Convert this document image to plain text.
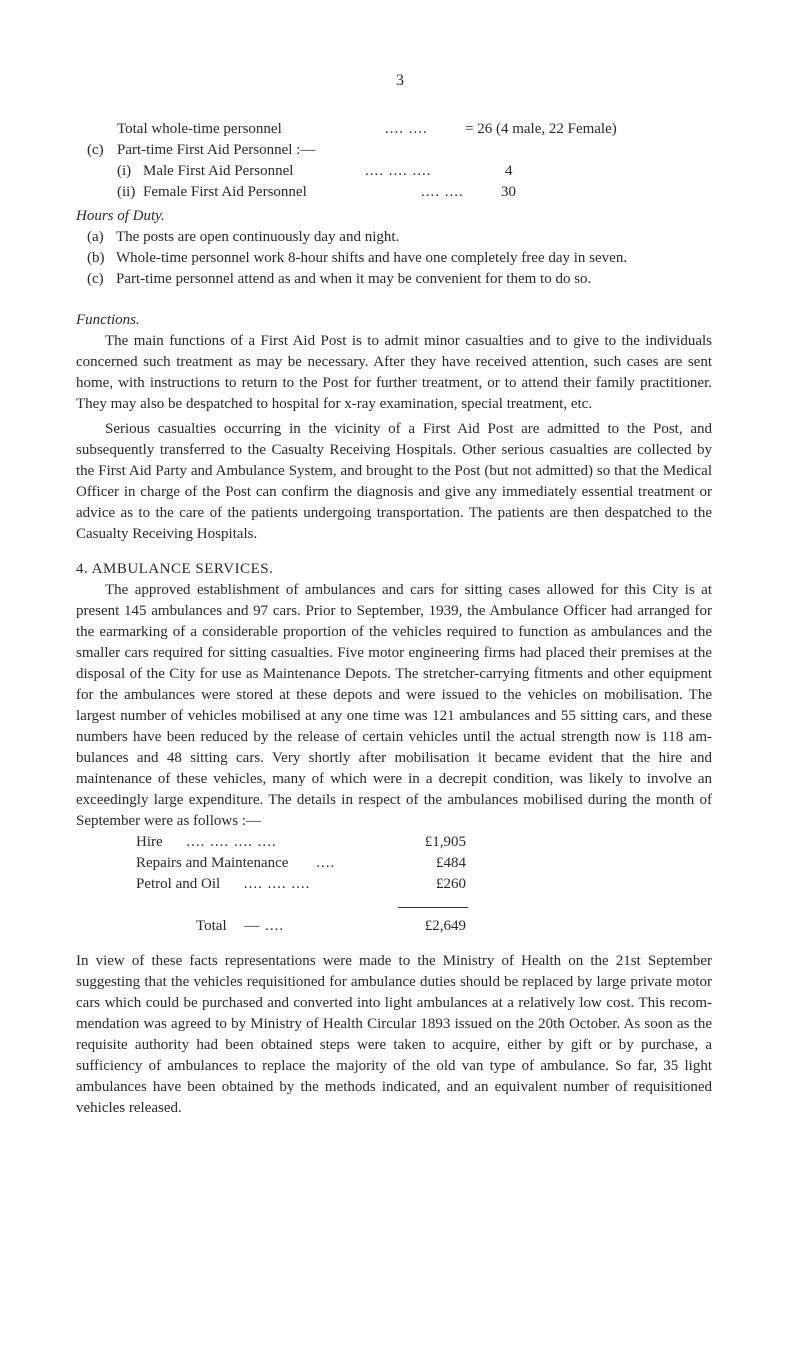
3
Total whole-time personnel	.... ....	= 26 (4 male, 22 Female)
(c) Part-time First Aid Personnel :—
(i) Male First Aid Personnel	.... .... ....	4
(ii) Female First Aid Personnel	.... ....	30
Hours of Duty.
(a) The posts are open continuously day and night.
(b) Whole-time personnel work 8-hour shifts and have one completely free day in seven.
(c) Part-time personnel attend as and when it may be convenient for them to do so.
Functions.

The main functions of a First Aid Post is to admit minor casualties and to give to the individuals concerned such treatment as may be necessary. After they have received attention, such cases are sent home, with instructions to return to the Post for further treatment, or to attend their family practitioner. They may also be despatched to hospital for x-ray examination, special treatment, etc.

Serious casualties occurring in the vicinity of a First Aid Post are admitted to the Post, and subsequently transferred to the Casualty Receiving Hospitals. Other serious casualties are collected by the First Aid Party and Ambulance System, and brought to the Post (but not admitted) so that the Medical Officer in charge of the Post can confirm the diagnosis and give any immediately essential treatment or advice as to the care of the patients undergoing transportation. The patients are then despatched to the Casualty Receiving Hospitals.

4. AMBULANCE SERVICES.

The approved establishment of ambulances and cars for sitting cases allowed for this City is at present 145 ambulances and 97 cars. Prior to September, 1939, the Ambulance Officer had arranged for the earmarking of a considerable proportion of the vehicles required to function as ambulances and the smaller cars required for sitting casualties. Five motor engineering firms had placed their premises at the disposal of the City for use as Maintenance Depots. The stretcher-carrying fitments and other equipment for the ambulances were stored at these depots and were issued to the vehicles on mobilisation. The largest number of vehicles mobilised at any one time was 121 ambulances and 55 sitting cars, and these numbers have been reduced by the release of certain vehicles until the actual strength now is 118 ambulances and 48 sitting cars. Very shortly after mobilisation it became evident that the hire and maintenance of these vehicles, many of which were in a decrepit condition, was likely to involve an exceedingly large expenditure. The details in respect of the ambulances mobilised during the month of September were as follows :—

Hire .... .... .... ....	£1,905
Repairs and Maintenance ....	£484
Petrol and Oil .... .... ....	£260
Total — ....	£2,649

In view of these facts representations were made to the Ministry of Health on the 21st September suggesting that the vehicles requisitioned for ambulance duties should be replaced by large private motor cars which could be purchased and converted into light ambulances at a relatively low cost. This recommendation was agreed to by Ministry of Health Circular 1893 issued on the 20th October. As soon as the requisite authority had been obtained steps were taken to acquire, either by gift or by purchase, a sufficiency of ambulances to replace the majority of the old van type of ambulance. So far, 35 light ambulances have been obtained by the methods indicated, and an equivalent number of requisitioned vehicles released.
